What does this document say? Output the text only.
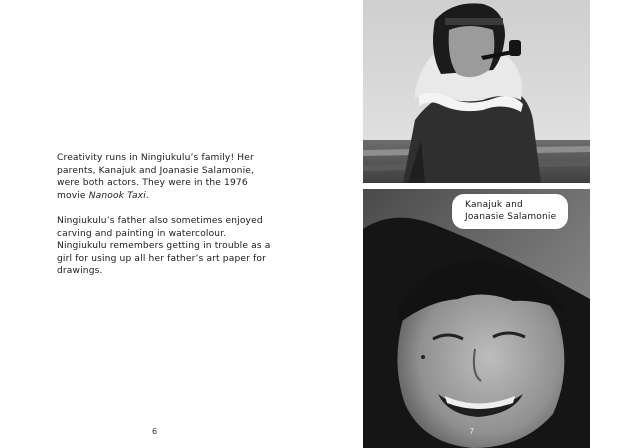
Creativity runs in Ningiukulu’s family! Her parents, Kanajuk and Joanasie Salamonie, were both actors. They were in the 1976 movie Nanook Taxi.

Ningiukulu’s father also sometimes enjoyed carving and painting in watercolour. Ningiukulu remembers getting in trouble as a girl for using up all her father’s art paper for drawings.

6
Kanajuk and
Joanasie Salamonie
7
